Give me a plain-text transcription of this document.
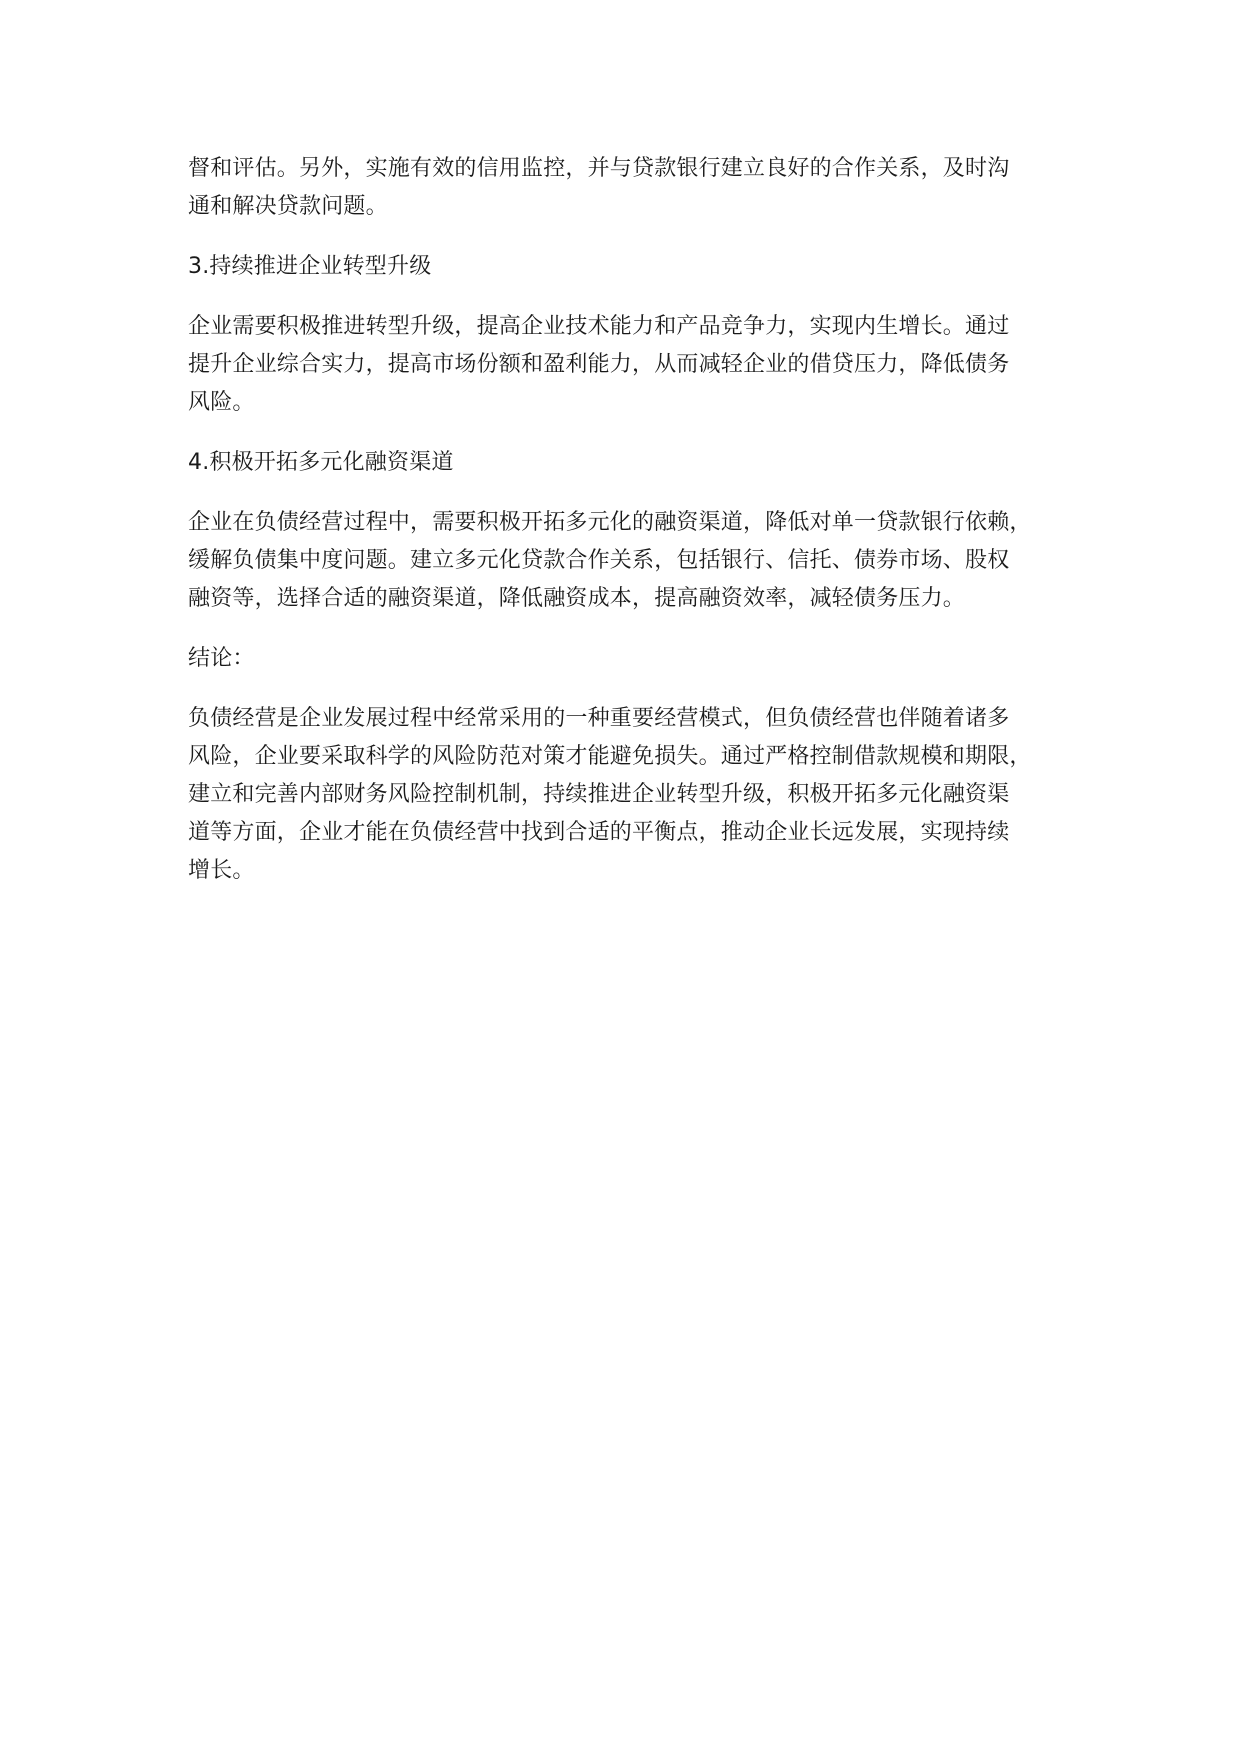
督和评估。另外，实施有效的信用监控，并与贷款银行建立良好的合作关系，及时沟
通和解决贷款问题。
3.持续推进企业转型升级
企业需要积极推进转型升级，提高企业技术能力和产品竞争力，实现内生增长。通过
提升企业综合实力，提高市场份额和盈利能力，从而减轻企业的借贷压力，降低债务
风险。
4.积极开拓多元化融资渠道
企业在负债经营过程中，需要积极开拓多元化的融资渠道，降低对单一贷款银行依赖，
缓解负债集中度问题。建立多元化贷款合作关系，包括银行、信托、债券市场、股权
融资等，选择合适的融资渠道，降低融资成本，提高融资效率，减轻债务压力。
结论：
负债经营是企业发展过程中经常采用的一种重要经营模式，但负债经营也伴随着诸多
风险，企业要采取科学的风险防范对策才能避免损失。通过严格控制借款规模和期限，
建立和完善内部财务风险控制机制，持续推进企业转型升级，积极开拓多元化融资渠
道等方面，企业才能在负债经营中找到合适的平衡点，推动企业长远发展，实现持续
增长。
